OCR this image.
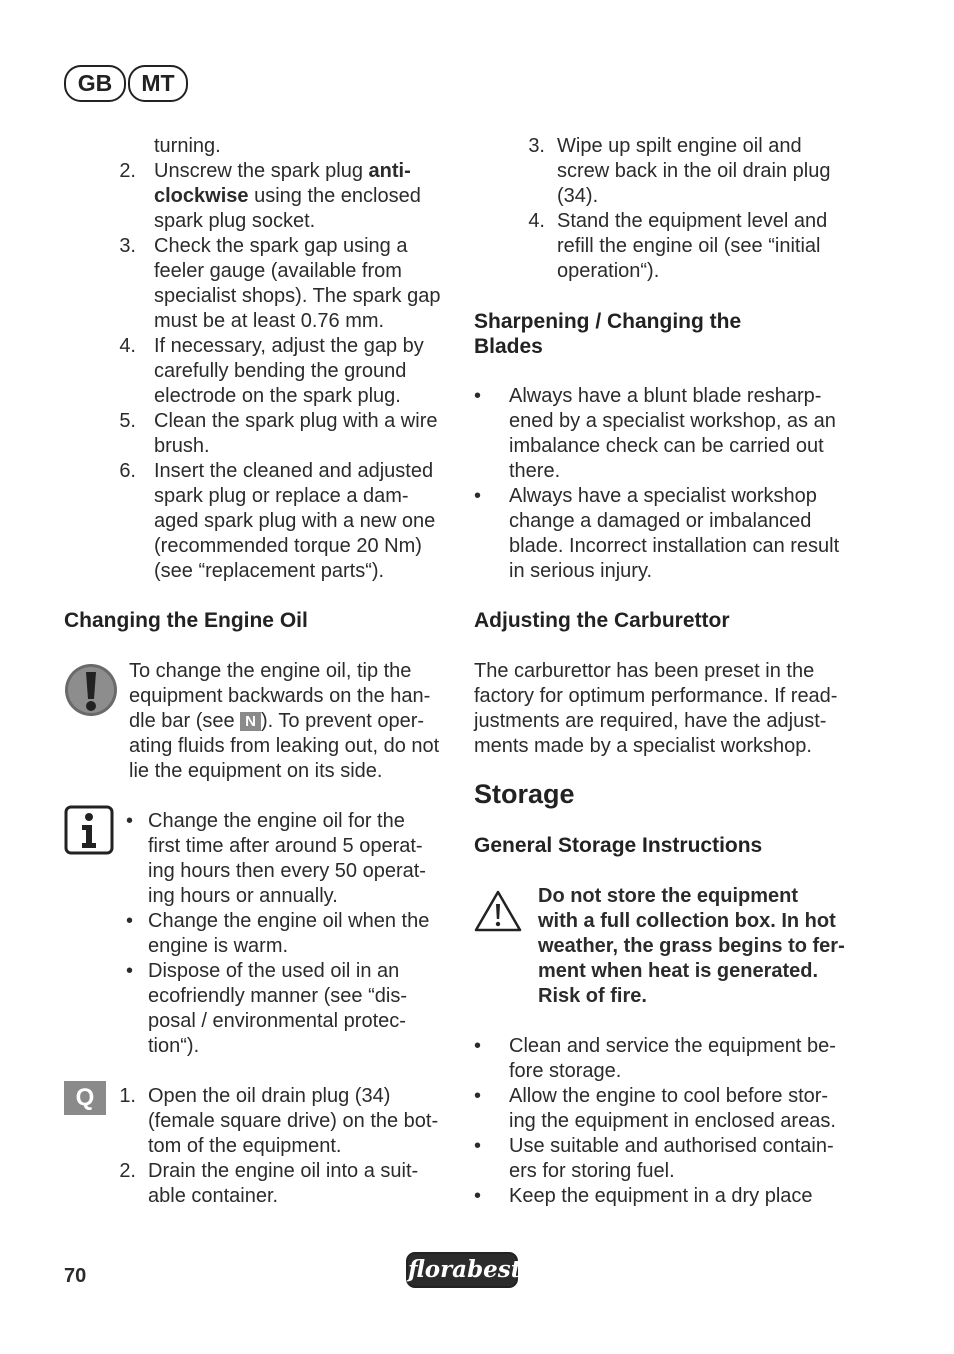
GB	MT
turning.
2. Unscrew the spark plug anti-
clockwise using the enclosed
spark plug socket.
3. Check the spark gap using a
feeler gauge (available from
specialist shops). The spark gap
must be at least 0.76 mm.
4. If necessary, adjust the gap by
carefully bending the ground
electrode on the spark plug.
5. Clean the spark plug with a wire
brush.
6. Insert the cleaned and adjusted
spark plug or replace a dam-
aged spark plug with a new one
(recommended torque 20 Nm)
(see “replacement parts“).
Changing the Engine Oil
To change the engine oil, tip the
equipment backwards on the han-
dle bar (see N ). To prevent oper-
ating fluids from leaking out, do not
lie the equipment on its side.
• Change the engine oil for the
first time after around 5 operat-
ing hours then every 50 operat-
ing hours or annually.
• Change the engine oil when the
engine is warm.
• Dispose of the used oil in an
ecofriendly manner (see “dis-
posal / environmental protec-
tion“).
Q	1. Open the oil drain plug (34)
(female square drive) on the bot-
tom of the equipment.
2. Drain the engine oil into a suit-
able container.
3. Wipe up spilt engine oil and
screw back in the oil drain plug
(34).
4. Stand the equipment level and
refill the engine oil (see “initial
operation“).
Sharpening / Changing the
Blades
• Always have a blunt blade resharp-
ened by a specialist workshop, as an
imbalance check can be carried out
there.
• Always have a specialist workshop
change a damaged or imbalanced
blade. Incorrect installation can result
in serious injury.
Adjusting the Carburettor
The carburettor has been preset in the
factory for optimum performance. If read-
justments are required, have the adjust-
ments made by a specialist workshop.
Storage
General Storage Instructions
Do not store the equipment
with a full collection box. In hot
weather, the grass begins to fer-
ment when heat is generated.
Risk of fire.
• Clean and service the equipment be-
fore storage.
• Allow the engine to cool before stor-
ing the equipment in enclosed areas.
• Use suitable and authorised contain-
ers for storing fuel.
• Keep the equipment in a dry place
70	florabest
